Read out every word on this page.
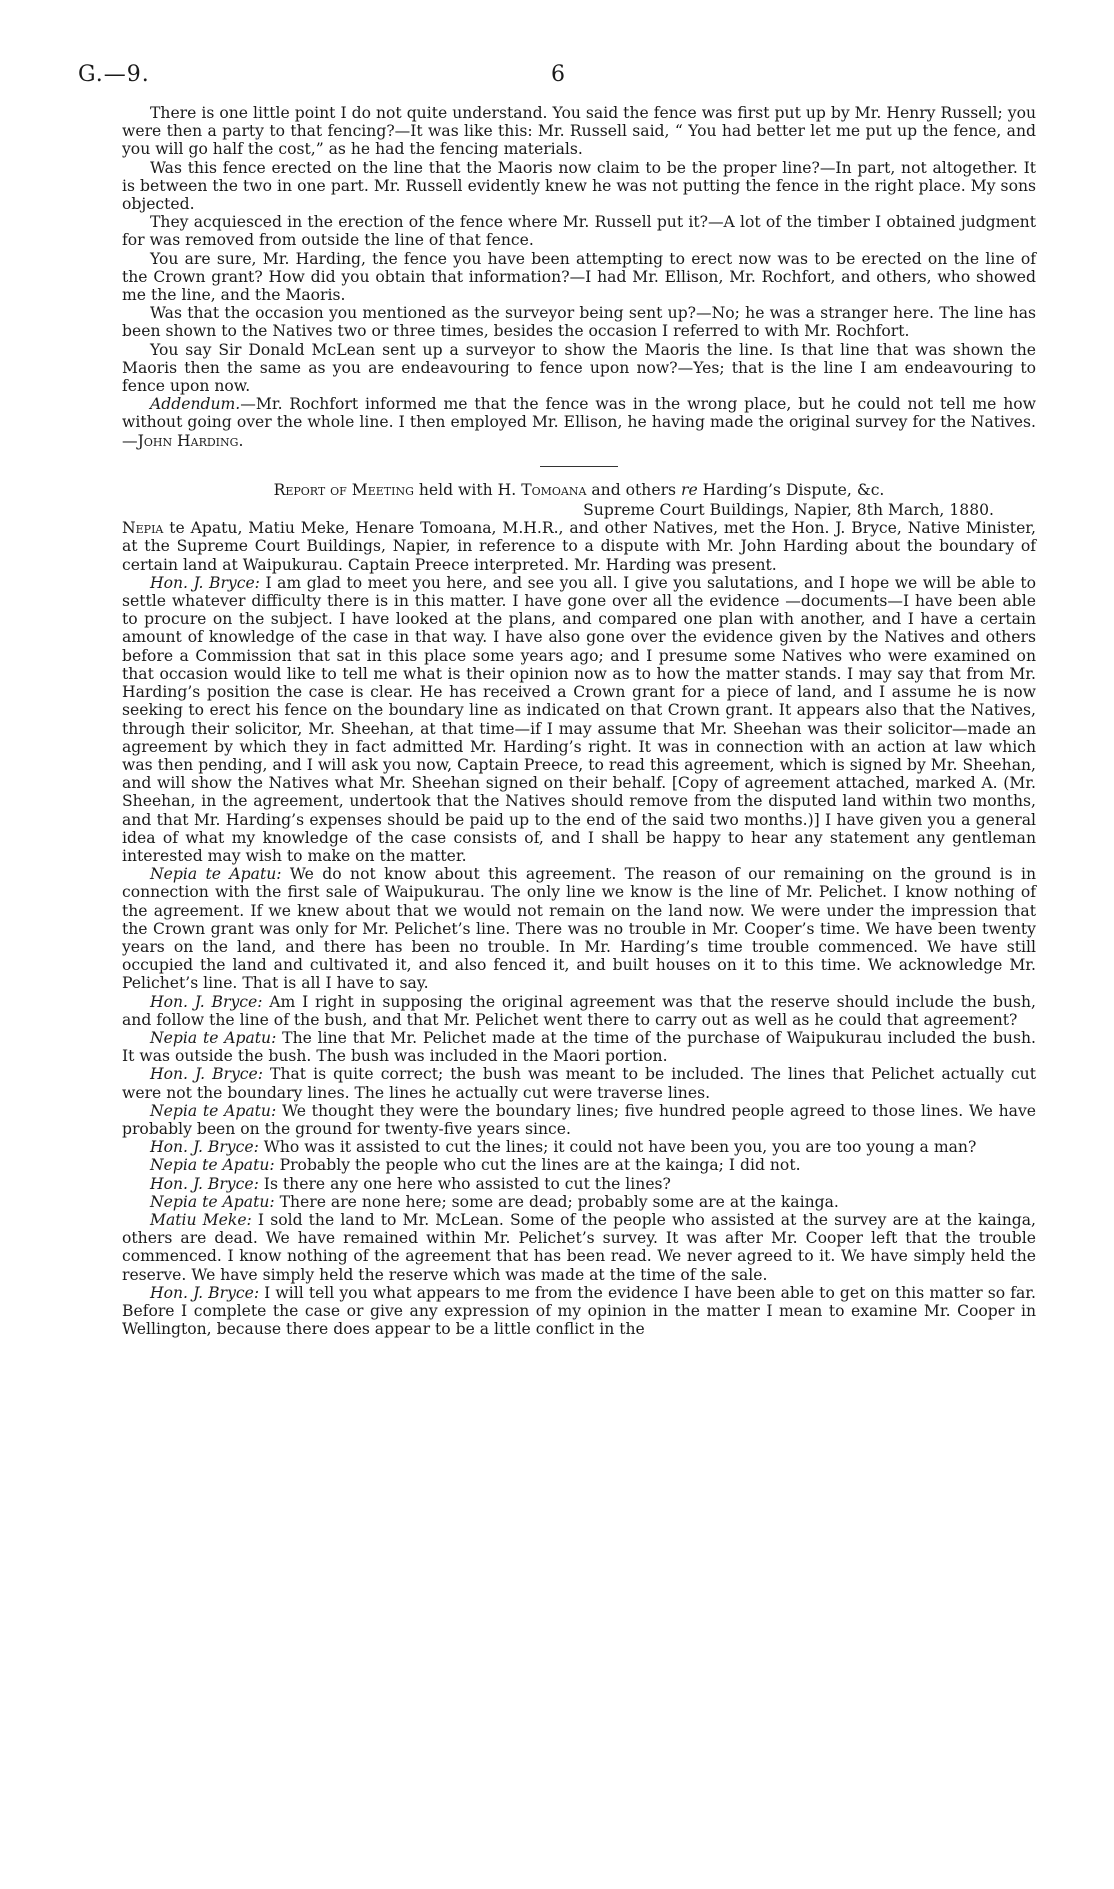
G.—9.	6

There is one little point I do not quite understand. You said the fence was first put up by Mr. Henry Russell; you were then a party to that fencing?—It was like this: Mr. Russell said, “ You had better let me put up the fence, and you will go half the cost,” as he had the fencing materials.

Was this fence erected on the line that the Maoris now claim to be the proper line?—In part, not altogether. It is between the two in one part. Mr. Russell evidently knew he was not putting the fence in the right place. My sons objected.

They acquiesced in the erection of the fence where Mr. Russell put it?—A lot of the timber I obtained judgment for was removed from outside the line of that fence.

You are sure, Mr. Harding, the fence you have been attempting to erect now was to be erected on the line of the Crown grant? How did you obtain that information?—I had Mr. Ellison, Mr. Rochfort, and others, who showed me the line, and the Maoris.

Was that the occasion you mentioned as the surveyor being sent up?—No; he was a stranger here. The line has been shown to the Natives two or three times, besides the occasion I referred to with Mr. Rochfort.

You say Sir Donald McLean sent up a surveyor to show the Maoris the line. Is that line that was shown the Maoris then the same as you are endeavouring to fence upon now?—Yes; that is the line I am endeavouring to fence upon now.

Addendum.—Mr. Rochfort informed me that the fence was in the wrong place, but he could not tell me how without going over the whole line. I then employed Mr. Ellison, he having made the original survey for the Natives.—John Harding.

Report of Meeting held with H. Tomoana and others re Harding’s Dispute, &c.

Supreme Court Buildings, Napier, 8th March, 1880.

Nepia te Apatu, Matiu Meke, Henare Tomoana, M.H.R., and other Natives, met the Hon. J. Bryce, Native Minister, at the Supreme Court Buildings, Napier, in reference to a dispute with Mr. John Harding about the boundary of certain land at Waipukurau. Captain Preece interpreted. Mr. Harding was present.

Hon. J. Bryce: I am glad to meet you here, and see you all. I give you salutations, and I hope we will be able to settle whatever difficulty there is in this matter. I have gone over all the evidence —documents—I have been able to procure on the subject. I have looked at the plans, and compared one plan with another, and I have a certain amount of knowledge of the case in that way. I have also gone over the evidence given by the Natives and others before a Commission that sat in this place some years ago; and I presume some Natives who were examined on that occasion would like to tell me what is their opinion now as to how the matter stands. I may say that from Mr. Harding’s position the case is clear. He has received a Crown grant for a piece of land, and I assume he is now seeking to erect his fence on the boundary line as indicated on that Crown grant. It appears also that the Natives, through their solicitor, Mr. Sheehan, at that time—if I may assume that Mr. Sheehan was their solicitor—made an agreement by which they in fact admitted Mr. Harding’s right. It was in connection with an action at law which was then pending, and I will ask you now, Captain Preece, to read this agreement, which is signed by Mr. Sheehan, and will show the Natives what Mr. Sheehan signed on their behalf. [Copy of agreement attached, marked A. (Mr. Sheehan, in the agreement, undertook that the Natives should remove from the disputed land within two months, and that Mr. Harding’s expenses should be paid up to the end of the said two months.)] I have given you a general idea of what my knowledge of the case consists of, and I shall be happy to hear any statement any gentleman interested may wish to make on the matter.

Nepia te Apatu: We do not know about this agreement. The reason of our remaining on the ground is in connection with the first sale of Waipukurau. The only line we know is the line of Mr. Pelichet. I know nothing of the agreement. If we knew about that we would not remain on the land now. We were under the impression that the Crown grant was only for Mr. Pelichet’s line. There was no trouble in Mr. Cooper’s time. We have been twenty years on the land, and there has been no trouble. In Mr. Harding’s time trouble commenced. We have still occupied the land and cultivated it, and also fenced it, and built houses on it to this time. We acknowledge Mr. Pelichet’s line. That is all I have to say.

Hon. J. Bryce: Am I right in supposing the original agreement was that the reserve should include the bush, and follow the line of the bush, and that Mr. Pelichet went there to carry out as well as he could that agreement?

Nepia te Apatu: The line that Mr. Pelichet made at the time of the purchase of Waipukurau included the bush. It was outside the bush. The bush was included in the Maori portion.

Hon. J. Bryce: That is quite correct; the bush was meant to be included. The lines that Pelichet actually cut were not the boundary lines. The lines he actually cut were traverse lines.

Nepia te Apatu: We thought they were the boundary lines; five hundred people agreed to those lines. We have probably been on the ground for twenty-five years since.

Hon. J. Bryce: Who was it assisted to cut the lines; it could not have been you, you are too young a man?

Nepia te Apatu: Probably the people who cut the lines are at the kainga; I did not.

Hon. J. Bryce: Is there any one here who assisted to cut the lines?

Nepia te Apatu: There are none here; some are dead; probably some are at the kainga.

Matiu Meke: I sold the land to Mr. McLean. Some of the people who assisted at the survey are at the kainga, others are dead. We have remained within Mr. Pelichet’s survey. It was after Mr. Cooper left that the trouble commenced. I know nothing of the agreement that has been read. We never agreed to it. We have simply held the reserve. We have simply held the reserve which was made at the time of the sale.

Hon. J. Bryce: I will tell you what appears to me from the evidence I have been able to get on this matter so far. Before I complete the case or give any expression of my opinion in the matter I mean to examine Mr. Cooper in Wellington, because there does appear to be a little conflict in the
